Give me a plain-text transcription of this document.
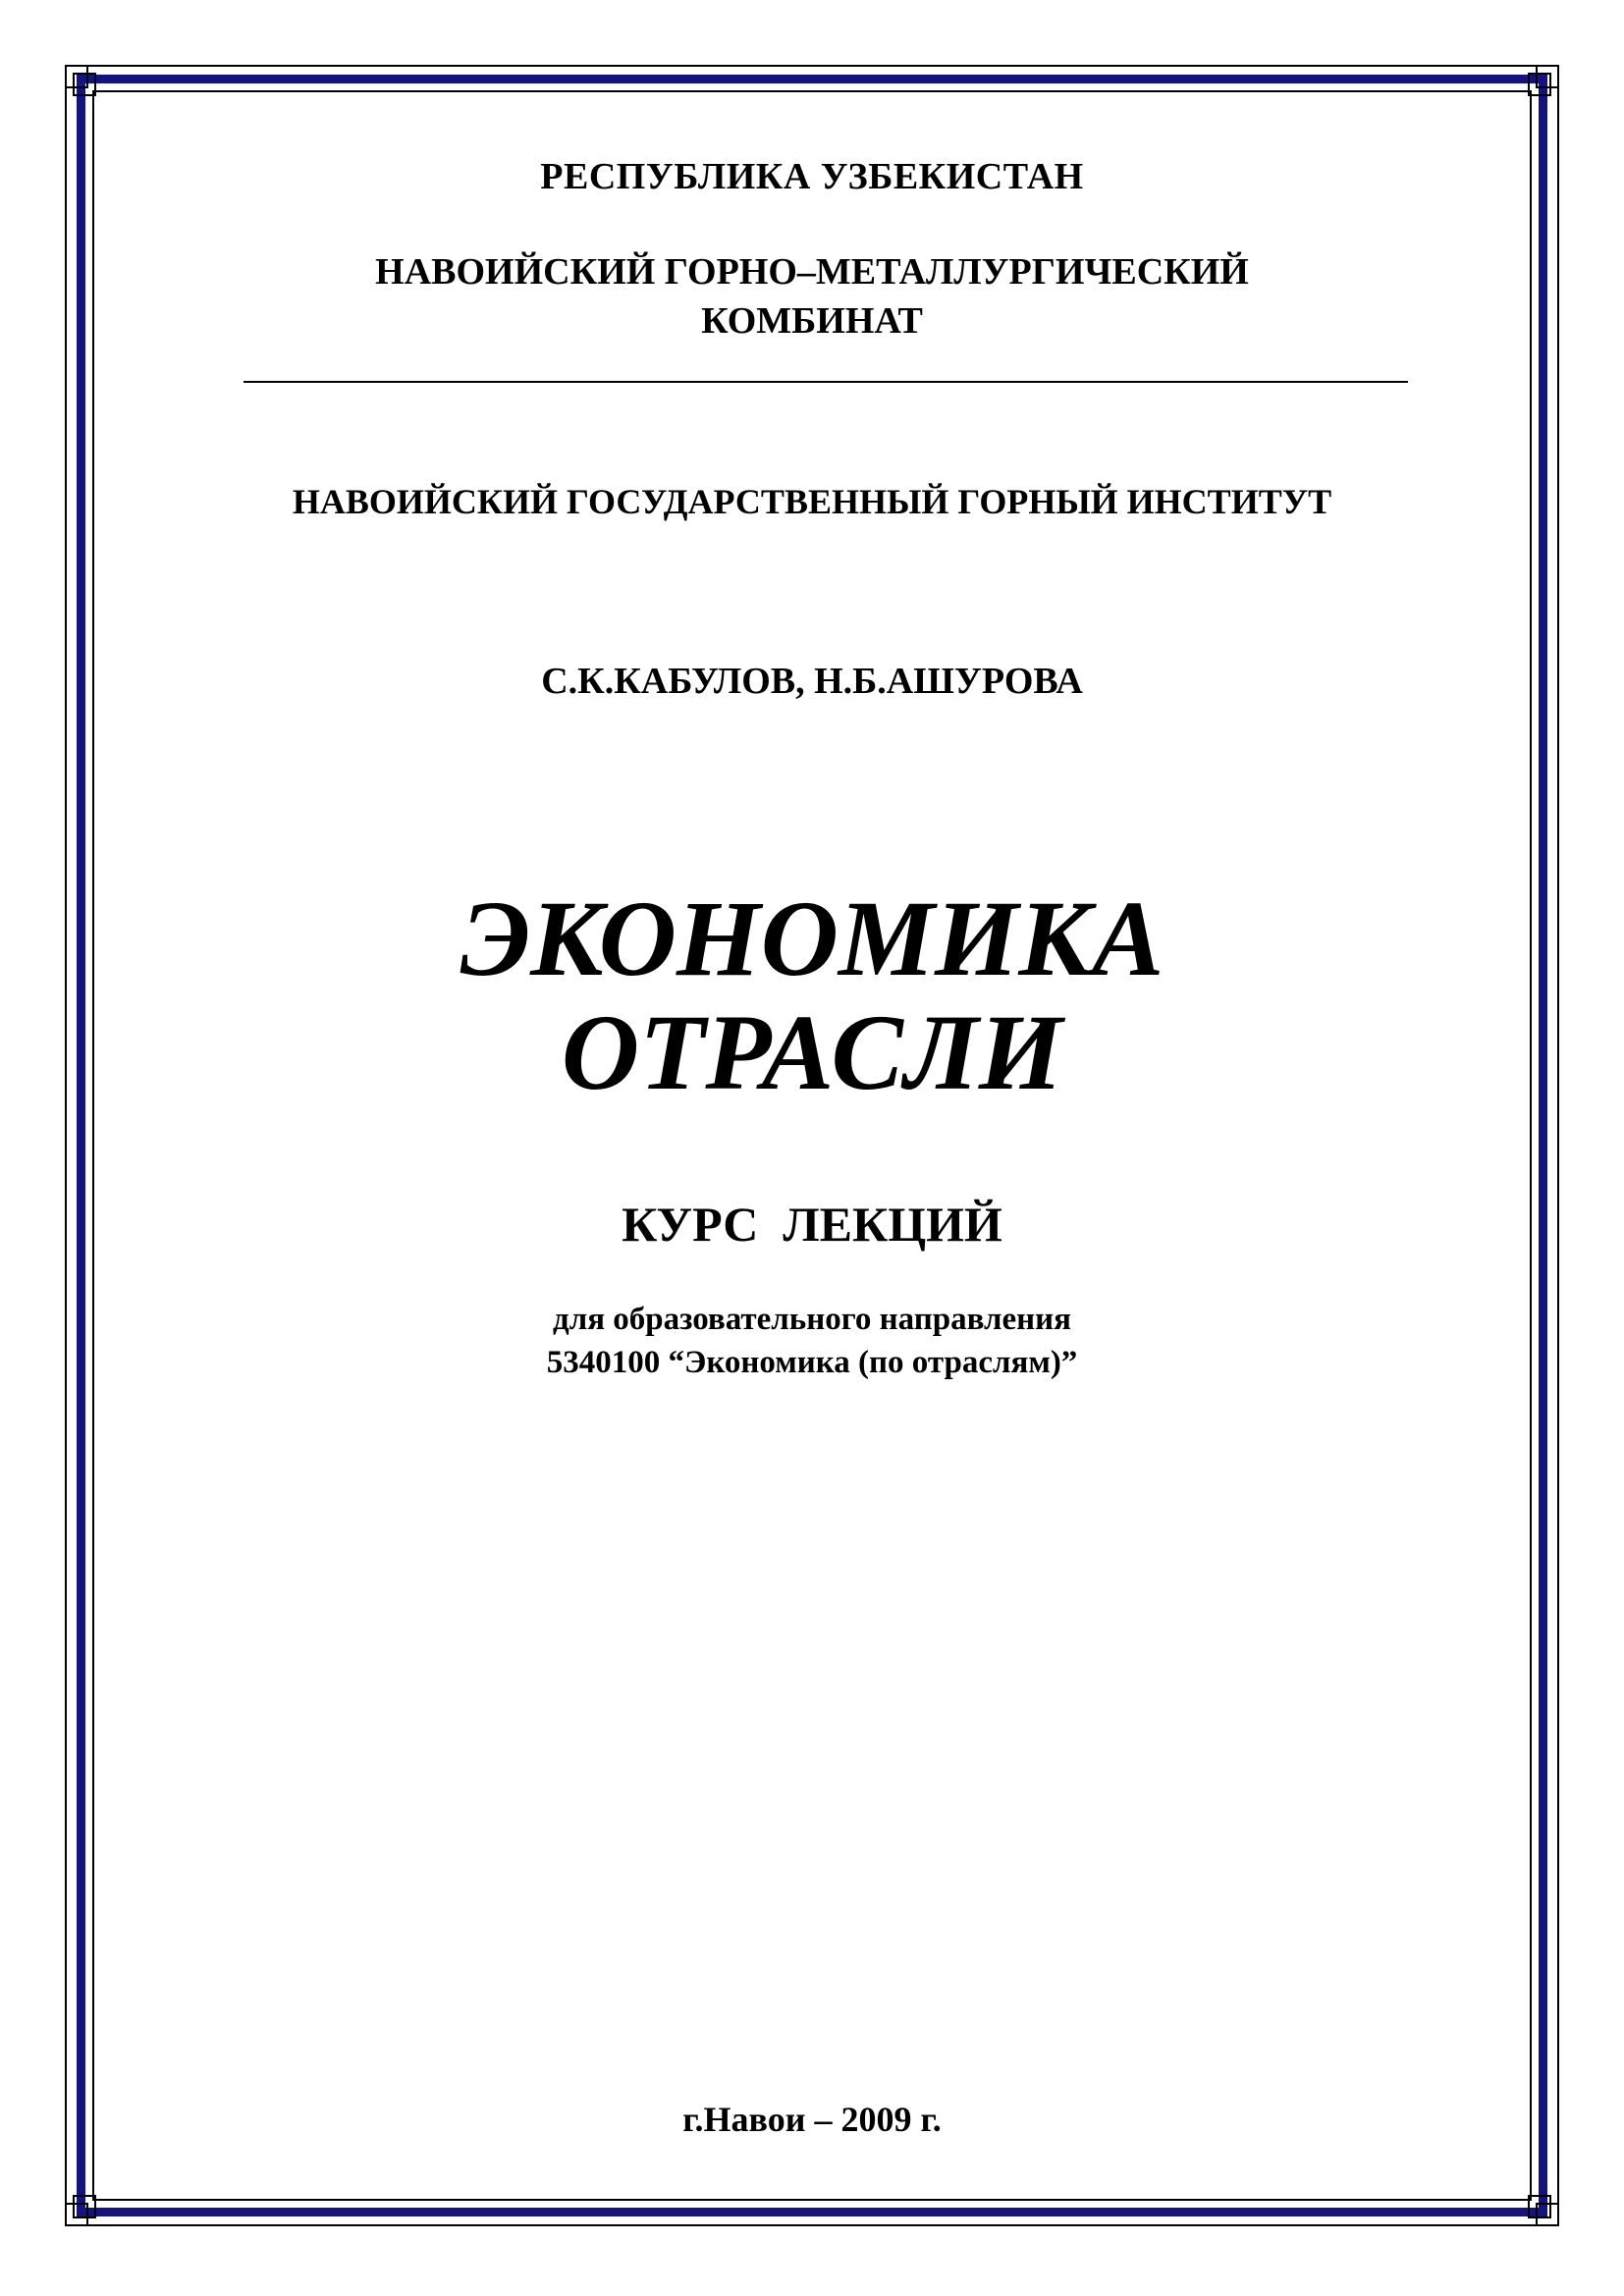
РЕСПУБЛИКА УЗБЕКИСТАН
НАВОИЙСКИЙ ГОРНО–МЕТАЛЛУРГИЧЕСКИЙ
КОМБИНАТ
НАВОИЙСКИЙ ГОСУДАРСТВЕННЫЙ ГОРНЫЙ ИНСТИТУТ
С.К.КАБУЛОВ, Н.Б.АШУРОВА
ЭКОНОМИКА
ОТРАСЛИ
КУРС  ЛЕКЦИЙ
для образовательного направления
5340100 “Экономика (по отраслям)”
г.Навои – 2009 г.
